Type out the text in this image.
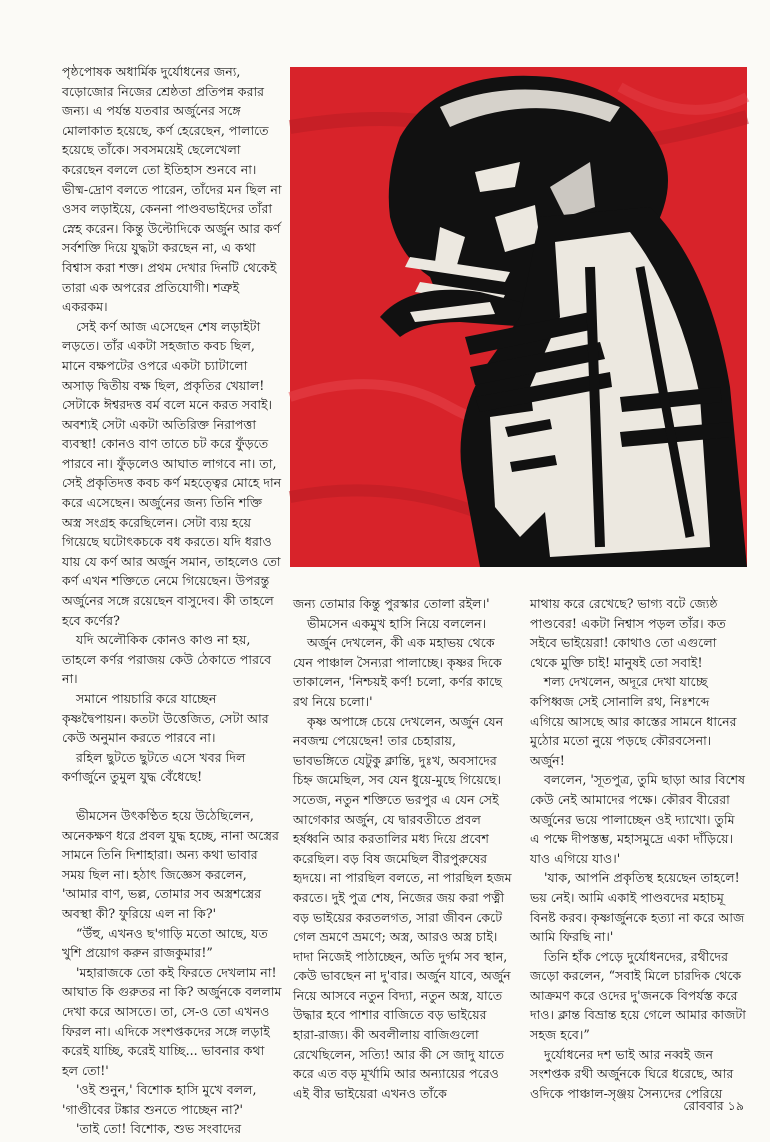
পৃষ্ঠপোষক অধার্মিক দুর্যোধনের জন্য, বড়োজোর নিজের শ্রেষ্ঠতা প্রতিপন্ন করার জন্য। এ পর্যন্ত যতবার অর্জুনের সঙ্গে মোলাকাত হয়েছে, কর্ণ হেরেছেন, পালাতে হয়েছে তাঁকে। সবসময়েই ছেলেখেলা করেছেন বললে তো ইতিহাস শুনবে না। ভীষ্ম-দ্রোণ বলতে পারেন, তাঁদের মন ছিল না ওসব লড়াইয়ে, কেননা পাণ্ডবভাইদের তাঁরা স্নেহ করেন। কিন্তু উল্টোদিকে অর্জুন আর কর্ণ সর্বশক্তি দিয়ে যুদ্ধটা করছেন না, এ কথা বিশ্বাস করা শক্ত। প্রথম দেখার দিনটি থেকেই তারা এক অপরের প্রতিযোগী। শত্রুই একরকম।

সেই কর্ণ আজ এসেছেন শেষ লড়াইটা লড়তে। তাঁর একটা সহজাত কবচ ছিল, মানে বক্ষপটের ওপরে একটা চ্যাটালো অসাড় দ্বিতীয় বক্ষ ছিল, প্রকৃতির খেয়াল! সেটাকে ঈশ্বরদত্ত বর্ম বলে মনে করত সবাই। অবশ্যই সেটা একটা অতিরিক্ত নিরাপত্তা ব্যবস্থা! কোনও বাণ তাতে চট করে ফুঁড়তে পারবে না। ফুঁড়লেও আঘাত লাগবে না। তা, সেই প্রকৃতিদত্ত কবচ কর্ণ মহত্ত্বের মোহে দান করে এসেছেন। অর্জুনের জন্য তিনি শক্তি অস্ত্র সংগ্রহ করেছিলেন। সেটা ব্যয় হয়ে গিয়েছে ঘটোৎকচকে বধ করতে। যদি ধরাও যায় যে কর্ণ আর অর্জুন সমান, তাহলেও তো কর্ণ এখন শক্তিতে নেমে গিয়েছেন। উপরন্তু অর্জুনের সঙ্গে রয়েছেন বাসুদেব। কী তাহলে হবে কর্ণের?

যদি অলৌকিক কোনও কাণ্ড না হয়, তাহলে কর্ণর পরাজয় কেউ ঠেকাতে পারবে না।

সমানে পায়চারি করে যাচ্ছেন কৃষ্ণদ্বৈপায়ন। কতটা উত্তেজিত, সেটা আর কেউ অনুমান করতে পারবে না।

রহিল ছুটতে ছুটতে এসে খবর দিল কর্ণার্জুনে তুমুল যুদ্ধ বেঁধেছে!

ভীমসেন উৎকণ্ঠিত হয়ে উঠেছিলেন, অনেকক্ষণ ধরে প্রবল যুদ্ধ হচ্ছে, নানা অস্ত্রের সামনে তিনি দিশাহারা। অন্য কথা ভাবার সময় ছিল না। হঠাৎ জিজ্ঞেস করলেন, 'আমার বাণ, ভল্ল, তোমার সব অস্ত্রশস্ত্রের অবস্থা কী? ফুরিয়ে এল না কি?'

“উঁহু, এখনও ছ'গাড়ি মতো আছে, যত খুশি প্রয়োগ করুন রাজকুমার!”

'মহারাজকে তো কই ফিরতে দেখলাম না! আঘাত কি গুরুতর না কি? অর্জুনকে বললাম দেখা করে আসতে। তা, সে-ও তো এখনও ফিরল না। এদিকে সংশপ্তকদের সঙ্গে লড়াই করেই যাচ্ছি, করেই যাচ্ছি... ভাবনার কথা হল তো!'

'ওই শুনুন,' বিশোক হাসি মুখে বলল, 'গাণ্ডীবের টঙ্কার শুনতে পাচ্ছেন না?'

'তাই তো! বিশোক, শুভ সংবাদের

জন্য তোমার কিন্তু পুরস্কার তোলা রইল।'

ভীমসেন একমুখ হাসি নিয়ে বললেন।

অর্জুন দেখলেন, কী এক মহাভয় থেকে যেন পাঞ্চাল সৈন্যরা পালাচ্ছে। কৃষ্ণর দিকে তাকালেন, 'নিশ্চয়ই কর্ণ! চলো, কর্ণর কাছে রথ নিয়ে চলো।'

কৃষ্ণ অপাঙ্গে চেয়ে দেখলেন, অর্জুন যেন নবজন্ম পেয়েছেন! তার চেহারায়, ভাবভঙ্গিতে যেটুকু ক্লান্তি, দুঃখ, অবসাদের চিহ্ন জমেছিল, সব যেন ধুয়ে-মুছে গিয়েছে। সতেজ, নতুন শক্তিতে ভরপুর এ যেন সেই আগেকার অর্জুন, যে দ্বারবতীতে প্রবল হর্ষধ্বনি আর করতালির মধ্য দিয়ে প্রবেশ করেছিল। বড় বিষ জমেছিল বীরপুরুষের হৃদয়ে। না পারছিল বলতে, না পারছিল হজম করতে। দুই পুত্র শেষ, নিজের জয় করা পত্নী বড় ভাইয়ের করতলগত, সারা জীবন কেটে গেল ভ্রমণে ভ্রমণে; অস্ত্র, আরও অস্ত্র চাই। দাদা নিজেই পাঠাচ্ছেন, অতি দুর্গম সব স্থান, কেউ ভাবছেন না দু'বার। অর্জুন যাবে, অর্জুন নিয়ে আসবে নতুন বিদ্যা, নতুন অস্ত্র, যাতে উদ্ধার হবে পাশার বাজিতে বড় ভাইয়ের হারা-রাজ্য। কী অবলীলায় বাজিগুলো রেখেছিলেন, সত্যি! আর কী সে জাদু যাতে করে এত বড় মূর্খামি আর অন্যায়ের পরেও এই বীর ভাইয়েরা এখনও তাঁকে

মাথায় করে রেখেছে? ভাগ্য বটে জ্যেষ্ঠ পাণ্ডবের! একটা নিশ্বাস পড়ল তাঁর। কত সইবে ভাইয়েরা! কোথাও তো এগুলো থেকে মুক্তি চাই! মানুষই তো সবাই!

শল্য দেখলেন, অদূরে দেখা যাচ্ছে কপিধ্বজ সেই সোনালি রথ, নিঃশব্দে এগিয়ে আসছে আর কাস্তের সামনে ধানের মুঠোর মতো নুয়ে পড়ছে কৌরবসেনা। অর্জুন!

বললেন, 'সূতপুত্র, তুমি ছাড়া আর বিশেষ কেউ নেই আমাদের পক্ষে। কৌরব বীরেরা অর্জুনের ভয়ে পালাচ্ছেন ওই দ্যাখো। তুমি এ পক্ষে দীপস্তম্ভ, মহাসমুদ্রে একা দাঁড়িয়ে। যাও এগিয়ে যাও।'

'যাক, আপনি প্রকৃতিস্থ হয়েছেন তাহলে! ভয় নেই। আমি একাই পাণ্ডবদের মহাচমূ বিনষ্ট করব। কৃষ্ণার্জুনকে হত্যা না করে আজ আমি ফিরছি না।'

তিনি হাঁক পেড়ে দুর্যোধনদের, রথীদের জড়ো করলেন, “সবাই মিলে চারদিক থেকে আক্রমণ করে ওদের দু'জনকে বিপর্যস্ত করে দাও। ক্লান্ত বিভ্রান্ত হয়ে গেলে আমার কাজটা সহজ হবে।”

দুর্যোধনের দশ ভাই আর নব্বই জন সংশপ্তক রথী অর্জুনকে ঘিরে ধরেছে, আর ওদিকে পাঞ্চাল-সৃঞ্জয় সৈন্যদের পেরিয়ে

রোববার ১৯
